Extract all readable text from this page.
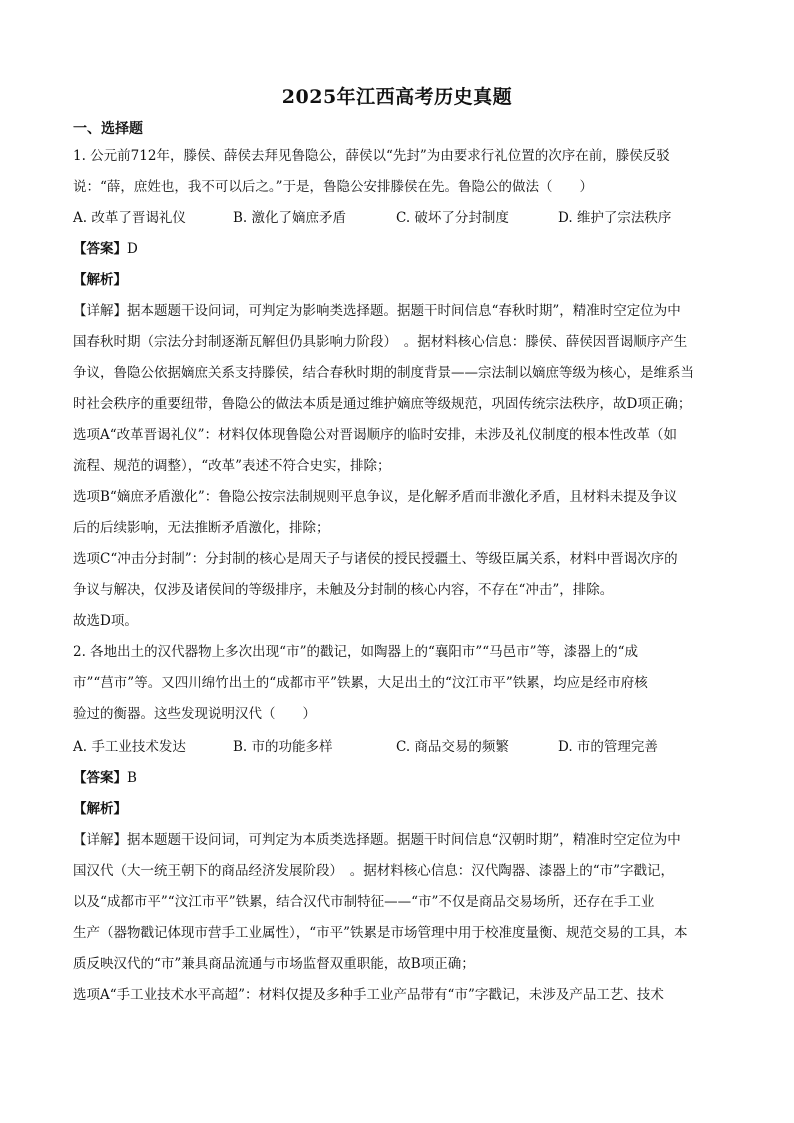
2025年江西高考历史真题
一、选择题
1. 公元前712年，滕侯、薛侯去拜见鲁隐公，薛侯以“先封”为由要求行礼位置的次序在前，滕侯反驳
说：“薛，庶姓也，我不可以后之。”于是，鲁隐公安排滕侯在先。鲁隐公的做法（　　）
A. 改革了晋谒礼仪	B. 激化了嫡庶矛盾	C. 破坏了分封制度	D. 维护了宗法秩序
【答案】D
【解析】
【详解】据本题题干设问词，可判定为影响类选择题。据题干时间信息“春秋时期”，精准时空定位为中
国春秋时期（宗法分封制逐渐瓦解但仍具影响力阶段）　。据材料核心信息：滕侯、薛侯因晋谒顺序产生
争议，鲁隐公依据嫡庶关系支持滕侯，结合春秋时期的制度背景——宗法制以嫡庶等级为核心，是维系当
时社会秩序的重要纽带，鲁隐公的做法本质是通过维护嫡庶等级规范，巩固传统宗法秩序，故D项正确；
选项A“改革晋谒礼仪”：材料仅体现鲁隐公对晋谒顺序的临时安排，未涉及礼仪制度的根本性改革（如
流程、规范的调整），“改革”表述不符合史实，排除；
选项B“嫡庶矛盾激化”：鲁隐公按宗法制规则平息争议，是化解矛盾而非激化矛盾，且材料未提及争议
后的后续影响，无法推断矛盾激化，排除；
选项C“冲击分封制”：分封制的核心是周天子与诸侯的授民授疆土、等级臣属关系，材料中晋谒次序的
争议与解决，仅涉及诸侯间的等级排序，未触及分封制的核心内容，不存在“冲击”，排除。
故选D项。
2. 各地出土的汉代器物上多次出现“市”的戳记，如陶器上的“襄阳市”“马邑市”等，漆器上的“成
市”“莒市”等。又四川绵竹出土的“成都市平”铁累，大足出土的“汶江市平”铁累，均应是经市府核
验过的衡器。这些发现说明汉代（　　）
A. 手工业技术发达	B. 市的功能多样	C. 商品交易的频繁	D. 市的管理完善
【答案】B
【解析】
【详解】据本题题干设问词，可判定为本质类选择题。据题干时间信息“汉朝时期”，精准时空定位为中
国汉代（大一统王朝下的商品经济发展阶段）　。据材料核心信息：汉代陶器、漆器上的“市”字戳记，
以及“成都市平”“汶江市平”铁累，结合汉代市制特征——“市”不仅是商品交易场所，还存在手工业
生产（器物戳记体现市营手工业属性），“市平”铁累是市场管理中用于校准度量衡、规范交易的工具，本
质反映汉代的“市”兼具商品流通与市场监督双重职能，故B项正确；
选项A“手工业技术水平高超”：材料仅提及多种手工业产品带有“市”字戳记，未涉及产品工艺、技术
